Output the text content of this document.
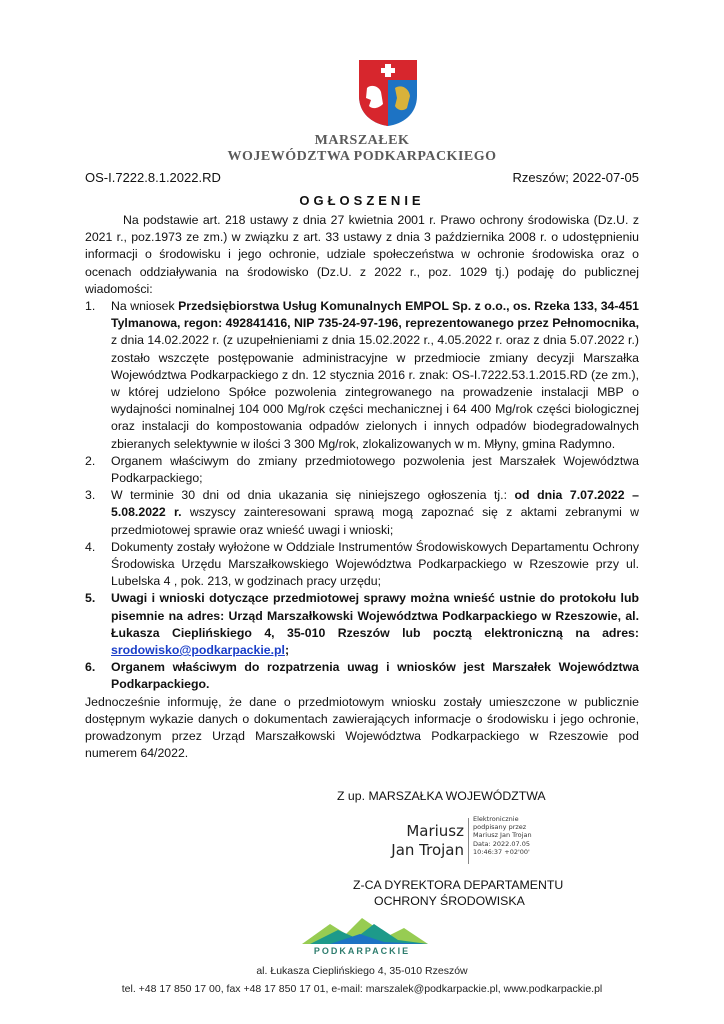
MARSZAŁEK
WOJEWÓDZTWA PODKARPACKIEGO
OS-I.7222.8.1.2022.RD	Rzeszów; 2022-07-05
OGŁOSZENIE

Na podstawie art. 218 ustawy z dnia 27 kwietnia 2001 r. Prawo ochrony środowiska (Dz.U. z 2021 r., poz.1973 ze zm.) w związku z art. 33 ustawy z dnia 3 października 2008 r. o udostępnieniu informacji o środowisku i jego ochronie, udziale społeczeństwa w ochronie środowiska oraz o ocenach oddziaływania na środowisko (Dz.U. z 2022 r., poz. 1029 tj.) podaję do publicznej wiadomości:

1. Na wniosek Przedsiębiorstwa Usług Komunalnych EMPOL Sp. z o.o., os. Rzeka 133, 34-451 Tylmanowa, regon: 492841416, NIP 735-24-97-196, reprezentowanego przez Pełnomocnika, z dnia 14.02.2022 r. (z uzupełnieniami z dnia 15.02.2022 r., 4.05.2022 r. oraz z dnia 5.07.2022 r.) zostało wszczęte postępowanie administracyjne w przedmiocie zmiany decyzji Marszałka Województwa Podkarpackiego z dn. 12 stycznia 2016 r. znak: OS-I.7222.53.1.2015.RD (ze zm.), w której udzielono Spółce pozwolenia zintegrowanego na prowadzenie instalacji MBP o wydajności nominalnej 104 000 Mg/rok części mechanicznej i 64 400 Mg/rok części biologicznej oraz instalacji do kompostowania odpadów zielonych i innych odpadów biodegradowalnych zbieranych selektywnie w ilości 3 300 Mg/rok, zlokalizowanych w m. Młyny, gmina Radymno.
2. Organem właściwym do zmiany przedmiotowego pozwolenia jest Marszałek Województwa Podkarpackiego;
3. W terminie 30 dni od dnia ukazania się niniejszego ogłoszenia tj.: od dnia 7.07.2022 – 5.08.2022 r. wszyscy zainteresowani sprawą mogą zapoznać się z aktami zebranymi w przedmiotowej sprawie oraz wnieść uwagi i wnioski;
4. Dokumenty zostały wyłożone w Oddziale Instrumentów Środowiskowych Departamentu Ochrony Środowiska Urzędu Marszałkowskiego Województwa Podkarpackiego w Rzeszowie przy ul. Lubelska 4 , pok. 213, w godzinach pracy urzędu;
5. Uwagi i wnioski dotyczące przedmiotowej sprawy można wnieść ustnie do protokołu lub pisemnie na adres: Urząd Marszałkowski Województwa Podkarpackiego w Rzeszowie, al. Łukasza Cieplińskiego 4, 35-010 Rzeszów lub pocztą elektroniczną na adres: srodowisko@podkarpackie.pl;
6. Organem właściwym do rozpatrzenia uwag i wniosków jest Marszałek Województwa Podkarpackiego.

Jednocześnie informuję, że dane o przedmiotowym wniosku zostały umieszczone w publicznie dostępnym wykazie danych o dokumentach zawierających informacje o środowisku i jego ochronie, prowadzonym przez Urząd Marszałkowski Województwa Podkarpackiego w Rzeszowie pod numerem 64/2022.

Z up. MARSZAŁKA WOJEWÓDZTWA
Mariusz
Jan Trojan
Elektronicznie
podpisany przez
Mariusz Jan Trojan
Data: 2022.07.05
10:46:37 +02'00'
Z-CA DYREKTORA DEPARTAMENTU
OCHRONY ŚRODOWISKA
PODKARPACKIE
al. Łukasza Cieplińskiego 4, 35-010 Rzeszów
tel. +48 17 850 17 00, fax +48 17 850 17 01, e-mail: marszalek@podkarpackie.pl, www.podkarpackie.pl
